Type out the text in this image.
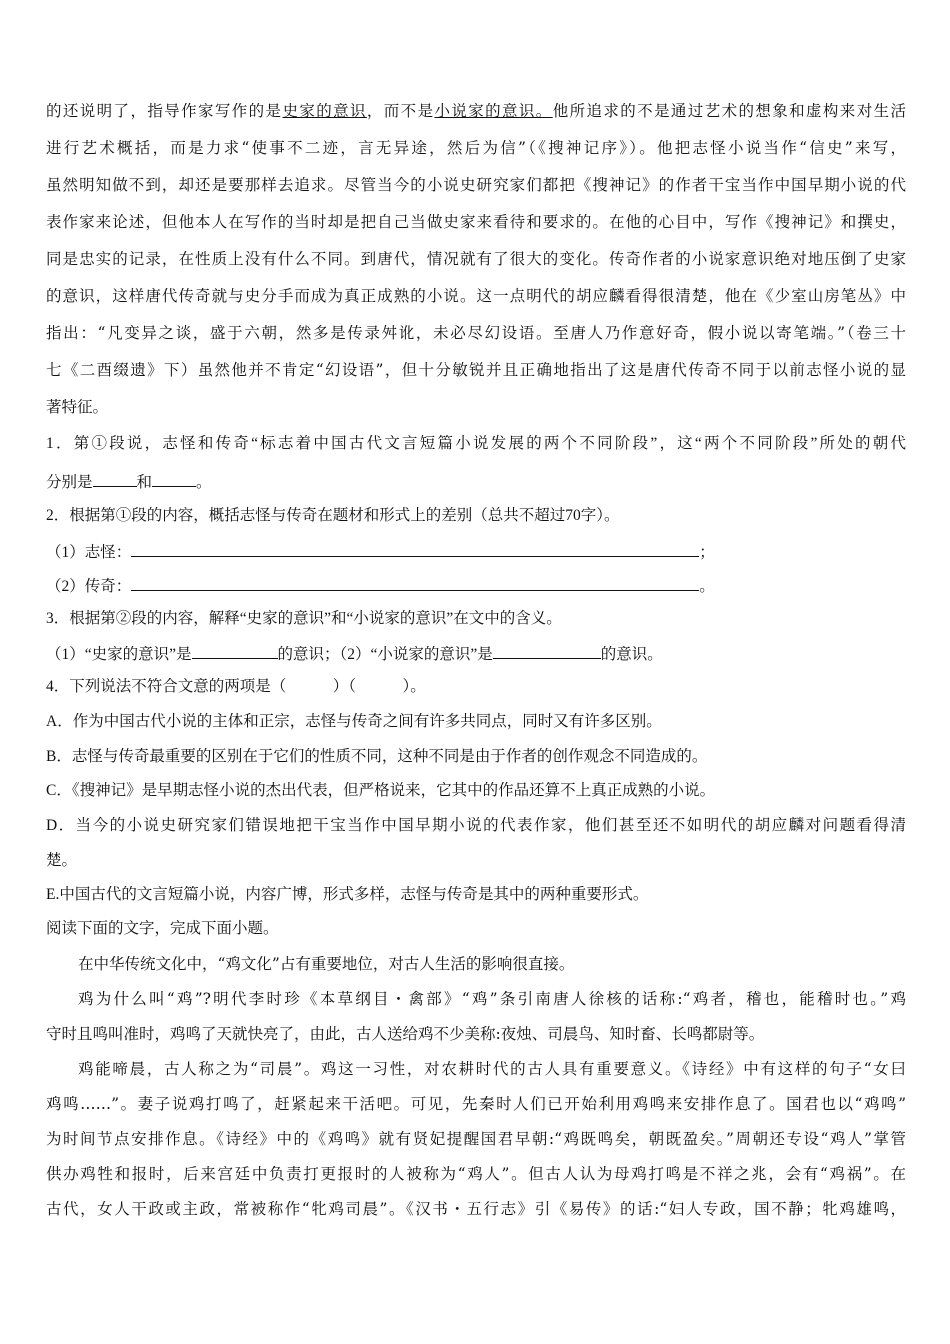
的还说明了，指导作家写作的是史家的意识，而不是小说家的意识。他所追求的不是通过艺术的想象和虚构来对生活
进行艺术概括，而是力求“使事不二迹，言无异途，然后为信”（《搜神记序》）。他把志怪小说当作“信史”来写，
虽然明知做不到，却还是要那样去追求。尽管当今的小说史研究家们都把《搜神记》的作者干宝当作中国早期小说的代
表作家来论述，但他本人在写作的当时却是把自己当做史家来看待和要求的。在他的心目中，写作《搜神记》和撰史，
同是忠实的记录，在性质上没有什么不同。到唐代，情况就有了很大的变化。传奇作者的小说家意识绝对地压倒了史家
的意识，这样唐代传奇就与史分手而成为真正成熟的小说。这一点明代的胡应麟看得很清楚，他在《少室山房笔丛》中
指出：“凡变异之谈，盛于六朝，然多是传录舛讹，未必尽幻设语。至唐人乃作意好奇，假小说以寄笔端。”（卷三十
七《二酉缀遗》下）虽然他并不肯定“幻设语”，但十分敏锐并且正确地指出了这是唐代传奇不同于以前志怪小说的显
著特征。
1．第①段说，志怪和传奇“标志着中国古代文言短篇小说发展的两个不同阶段”，这“两个不同阶段”所处的朝代
分别是	和	。
2．根据第①段的内容，概括志怪与传奇在题材和形式上的差别（总共不超过70字）。
（1）志怪：	；
（2）传奇：	。
3．根据第②段的内容，解释“史家的意识”和“小说家的意识”在文中的含义。
（1）“史家的意识”是	的意识；（2）“小说家的意识”是	的意识。
4．下列说法不符合文意的两项是（　　　）（　　　）。
A．作为中国古代小说的主体和正宗，志怪与传奇之间有许多共同点，同时又有许多区别。
B．志怪与传奇最重要的区别在于它们的性质不同，这种不同是由于作者的创作观念不同造成的。
C．《搜神记》是早期志怪小说的杰出代表，但严格说来，它其中的作品还算不上真正成熟的小说。
D．当今的小说史研究家们错误地把干宝当作中国早期小说的代表作家，他们甚至还不如明代的胡应麟对问题看得清
楚。
E.中国古代的文言短篇小说，内容广博，形式多样，志怪与传奇是其中的两种重要形式。
阅读下面的文字，完成下面小题。
在中华传统文化中，“鸡文化”占有重要地位，对古人生活的影响很直接。
鸡为什么叫“鸡”?明代李时珍《本草纲目・禽部》“鸡”条引南唐人徐核的话称:“鸡者，稽也，能稽时也。”鸡
守时且鸣叫准时，鸡鸣了天就快亮了，由此，古人送给鸡不少美称:夜烛、司晨鸟、知时畜、长鸣都尉等。
鸡能啼晨，古人称之为“司晨”。鸡这一习性，对农耕时代的古人具有重要意义。《诗经》中有这样的句子“女曰
鸡鸣……”。妻子说鸡打鸣了，赶紧起来干活吧。可见，先秦时人们已开始利用鸡鸣来安排作息了。国君也以“鸡鸣”
为时间节点安排作息。《诗经》中的《鸡鸣》就有贤妃提醒国君早朝:“鸡既鸣矣，朝既盈矣。”周朝还专设“鸡人”掌管
供办鸡牲和报时，后来宫廷中负责打更报时的人被称为“鸡人”。但古人认为母鸡打鸣是不祥之兆，会有“鸡祸”。在
古代，女人干政或主政，常被称作“牝鸡司晨”。《汉书・五行志》引《易传》的话:“妇人专政，国不静；牝鸡雄鸣，
